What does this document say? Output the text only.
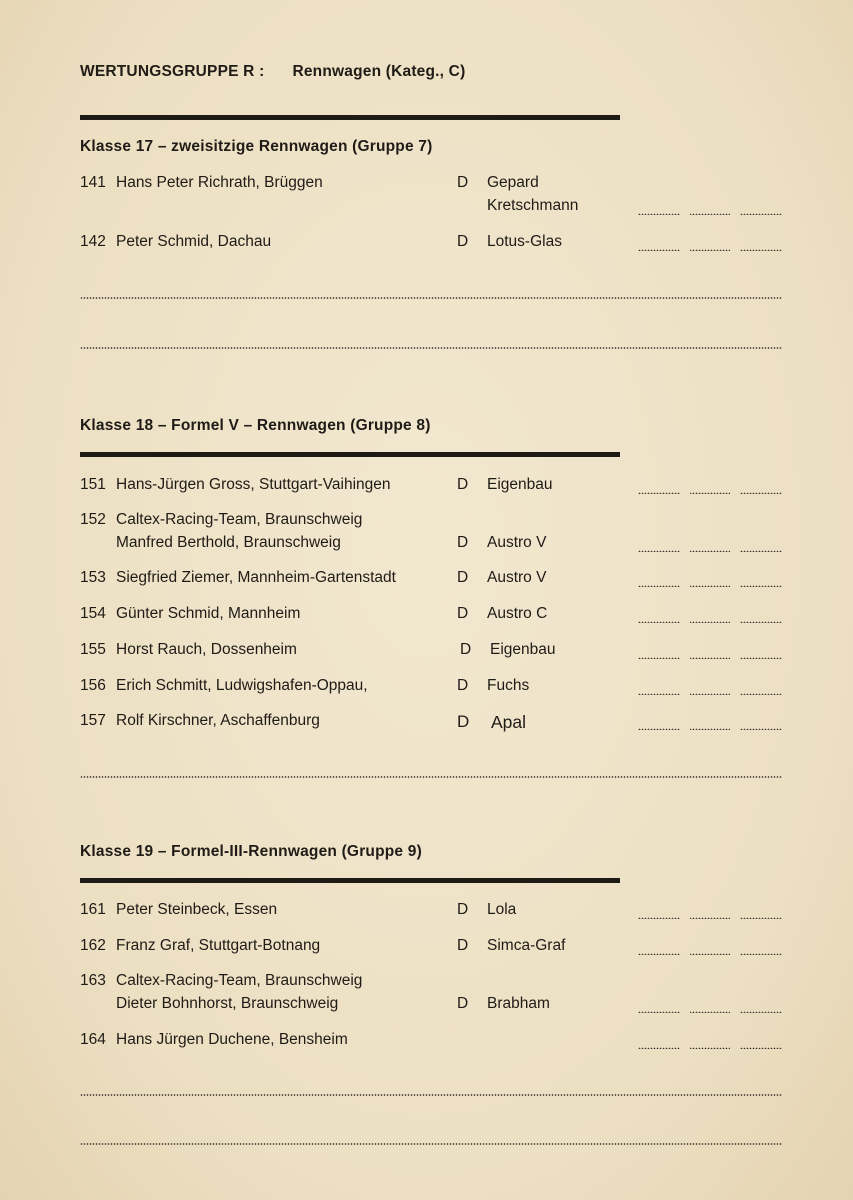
WERTUNGSGRUPPE R : Rennwagen (Kateg., C)
Klasse 17 – zweisitzige Rennwagen (Gruppe 7)
141 Hans Peter Richrath, Brüggen	D Gepard
Kretschmann
142 Peter Schmid, Dachau	D Lotus-Glas
Klasse 18 – Formel V – Rennwagen (Gruppe 8)
151 Hans-Jürgen Gross, Stuttgart-Vaihingen	D Eigenbau
152 Caltex-Racing-Team, Braunschweig
Manfred Berthold, Braunschweig	D Austro V
153 Siegfried Ziemer, Mannheim-Gartenstadt	D Austro V
154 Günter Schmid, Mannheim	D Austro C
155 Horst Rauch, Dossenheim	D Eigenbau
156 Erich Schmitt, Ludwigshafen-Oppau,	D Fuchs
157 Rolf Kirschner, Aschaffenburg	D Apal
Klasse 19 – Formel-III-Rennwagen (Gruppe 9)
161 Peter Steinbeck, Essen	D Lola
162 Franz Graf, Stuttgart-Botnang	D Simca-Graf
163 Caltex-Racing-Team, Braunschweig
Dieter Bohnhorst, Braunschweig	D Brabham
164 Hans Jürgen Duchene, Bensheim
